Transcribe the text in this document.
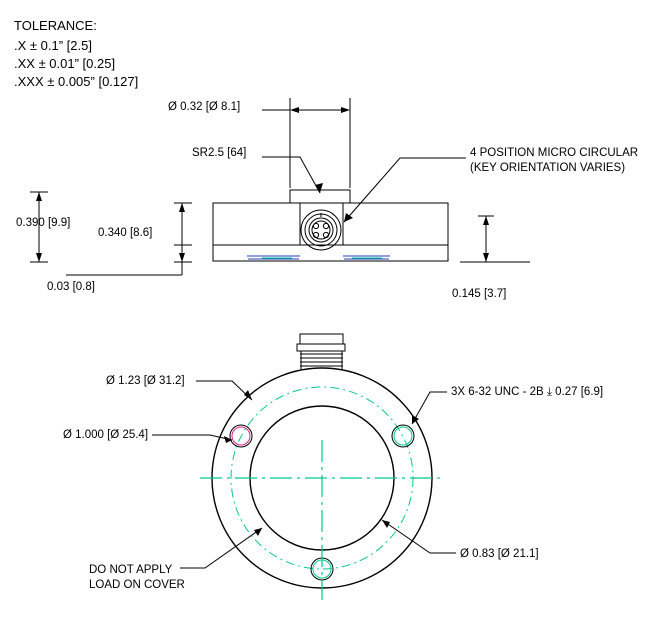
TOLERANCE:
.X ± 0.1” [2.5]
.XX ± 0.01” [0.25]
.XXX ± 0.005” [0.127]
Ø 0.32 [Ø 8.1]
SR2.5 [64]	4 POSITION MICRO CIRCULAR
(KEY ORIENTATION VARIES)
0.390 [9.9]
0.340 [8.6]
0.03 [0.8]
0.145 [3.7]
Ø 1.23 [Ø 31.2]
3X 6-32 UNC - 2B ⤓ 0.27 [6.9]
Ø 1.000 [Ø 25.4]
Ø 0.83 [Ø 21.1]
DO NOT APPLY
LOAD ON COVER
